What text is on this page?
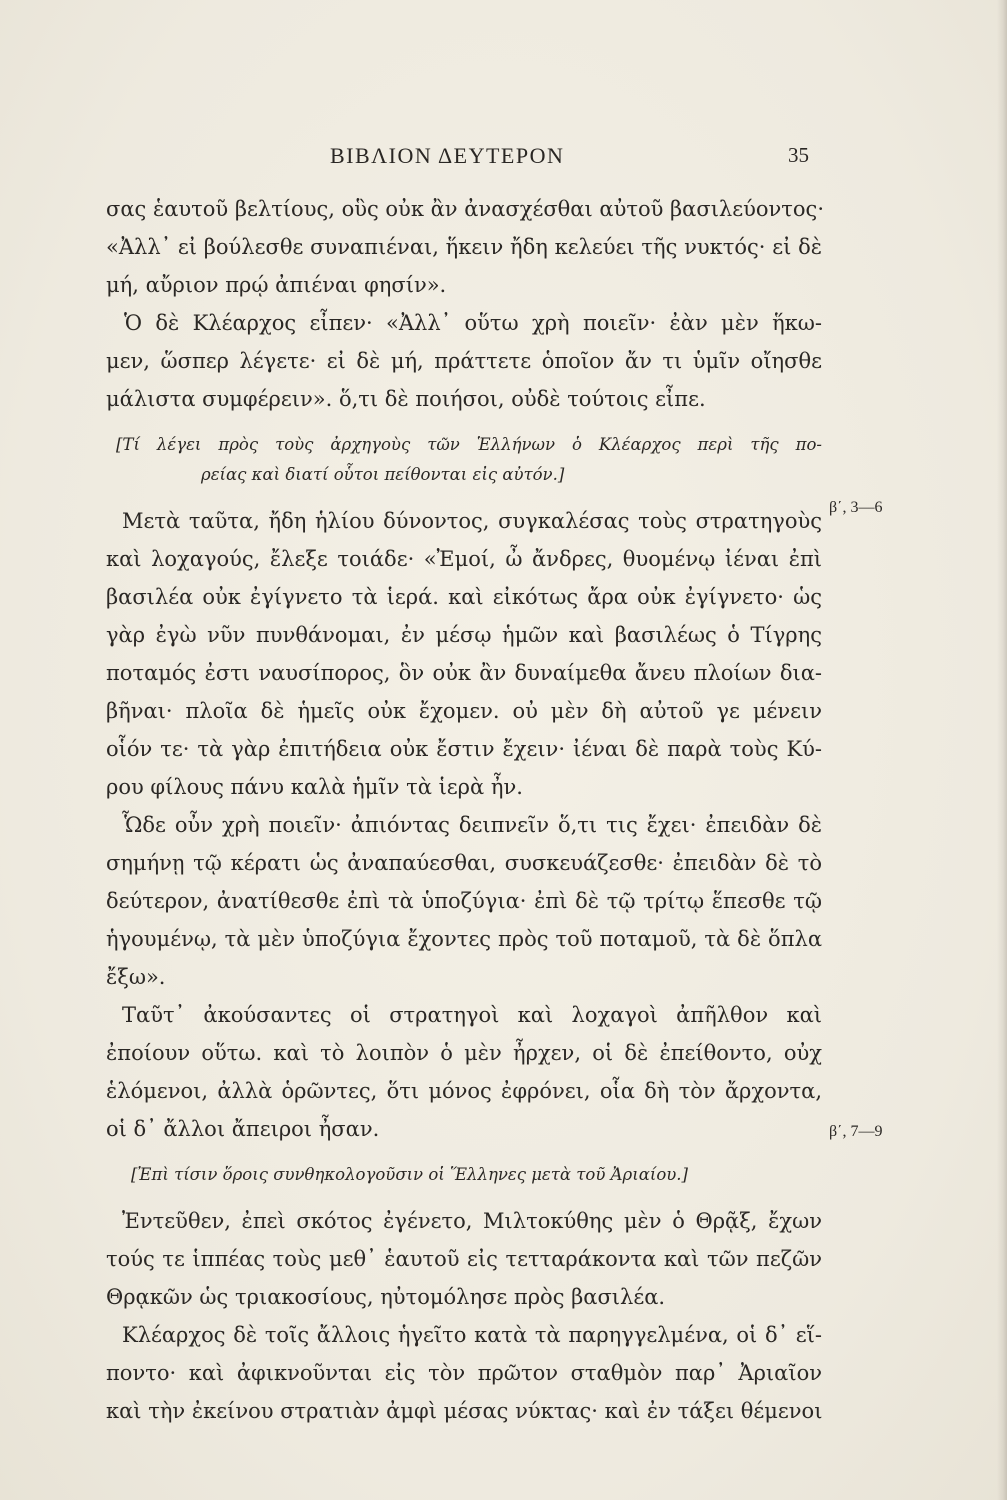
ΒΙΒΛΙΟΝ ΔΕΥΤΕΡΟΝ	35
σας ἑαυτοῦ βελτίους, οὓς οὐκ ἂν ἀνασχέσθαι αὐτοῦ βασιλεύοντος·
«Ἀλλ᾽ εἰ βούλεσθε συναπιέναι, ἥκειν ἤδη κελεύει τῆς νυκτός· εἰ δὲ
μή, αὔριον πρῴ ἀπιέναι φησίν».
Ὁ δὲ Κλέαρχος εἶπεν· «Ἀλλ᾽ οὕτω χρὴ ποιεῖν· ἐὰν μὲν ἥκω-
μεν, ὥσπερ λέγετε· εἰ δὲ μή, πράττετε ὁποῖον ἄν τι ὑμῖν οἴησθε
μάλιστα συμφέρειν». ὅ,τι δὲ ποιήσοι, οὐδὲ τούτοις εἶπε.
[Τί λέγει πρὸς τοὺς ἀρχηγοὺς τῶν Ἑλλήνων ὁ Κλέαρχος περὶ τῆς πο-
ρείας καὶ διατί οὗτοι πείθονται εἰς αὐτόν.]
Μετὰ ταῦτα, ἤδη ἡλίου δύνοντος, συγκαλέσας τοὺς στρατηγοὺς
καὶ λοχαγούς, ἔλεξε τοιάδε· «Ἐμοί, ὦ ἄνδρες, θυομένῳ ἰέναι ἐπὶ
βασιλέα οὐκ ἐγίγνετο τὰ ἱερά. καὶ εἰκότως ἄρα οὐκ ἐγίγνετο· ὡς
γὰρ ἐγὼ νῦν πυνθάνομαι, ἐν μέσῳ ἡμῶν καὶ βασιλέως ὁ Τίγρης
ποταμός ἐστι ναυσίπορος, ὃν οὐκ ἂν δυναίμεθα ἄνευ πλοίων δια-
βῆναι· πλοῖα δὲ ἡμεῖς οὐκ ἔχομεν. οὐ μὲν δὴ αὐτοῦ γε μένειν
οἷόν τε· τὰ γὰρ ἐπιτήδεια οὐκ ἔστιν ἔχειν· ἰέναι δὲ παρὰ τοὺς Κύ-
ρου φίλους πάνυ καλὰ ἡμῖν τὰ ἱερὰ ἦν.
Ὧδε οὖν χρὴ ποιεῖν· ἀπιόντας δειπνεῖν ὅ,τι τις ἔχει· ἐπειδὰν δὲ
σημήνῃ τῷ κέρατι ὡς ἀναπαύεσθαι, συσκευάζεσθε· ἐπειδὰν δὲ τὸ
δεύτερον, ἀνατίθεσθε ἐπὶ τὰ ὑποζύγια· ἐπὶ δὲ τῷ τρίτῳ ἕπεσθε τῷ
ἡγουμένῳ, τὰ μὲν ὑποζύγια ἔχοντες πρὸς τοῦ ποταμοῦ, τὰ δὲ ὅπλα
ἔξω».
Ταῦτ᾽ ἀκούσαντες οἱ στρατηγοὶ καὶ λοχαγοὶ ἀπῆλθον καὶ
ἐποίουν οὕτω. καὶ τὸ λοιπὸν ὁ μὲν ἦρχεν, οἱ δὲ ἐπείθοντο, οὐχ
ἑλόμενοι, ἀλλὰ ὁρῶντες, ὅτι μόνος ἐφρόνει, οἷα δὴ τὸν ἄρχοντα,
οἱ δ᾽ ἄλλοι ἄπειροι ἦσαν.
[Ἐπὶ τίσιν ὅροις συνθηκολογοῦσιν οἱ Ἕλληνες μετὰ τοῦ Ἀριαίου.]
Ἐντεῦθεν, ἐπεὶ σκότος ἐγένετο, Μιλτοκύθης μὲν ὁ Θρᾷξ, ἔχων
τούς τε ἱππέας τοὺς μεθ᾽ ἑαυτοῦ εἰς τετταράκοντα καὶ τῶν πεζῶν
Θρᾳκῶν ὡς τριακοσίους, ηὐτομόλησε πρὸς βασιλέα.
Κλέαρχος δὲ τοῖς ἄλλοις ἡγεῖτο κατὰ τὰ παρηγγελμένα, οἱ δ᾽ εἵ-
ποντο· καὶ ἀφικνοῦνται εἰς τὸν πρῶτον σταθμὸν παρ᾽ Ἀριαῖον
καὶ τὴν ἐκείνου στρατιὰν ἀμφὶ μέσας νύκτας· καὶ ἐν τάξει θέμενοι
β΄, 3—6
β΄, 7—9
